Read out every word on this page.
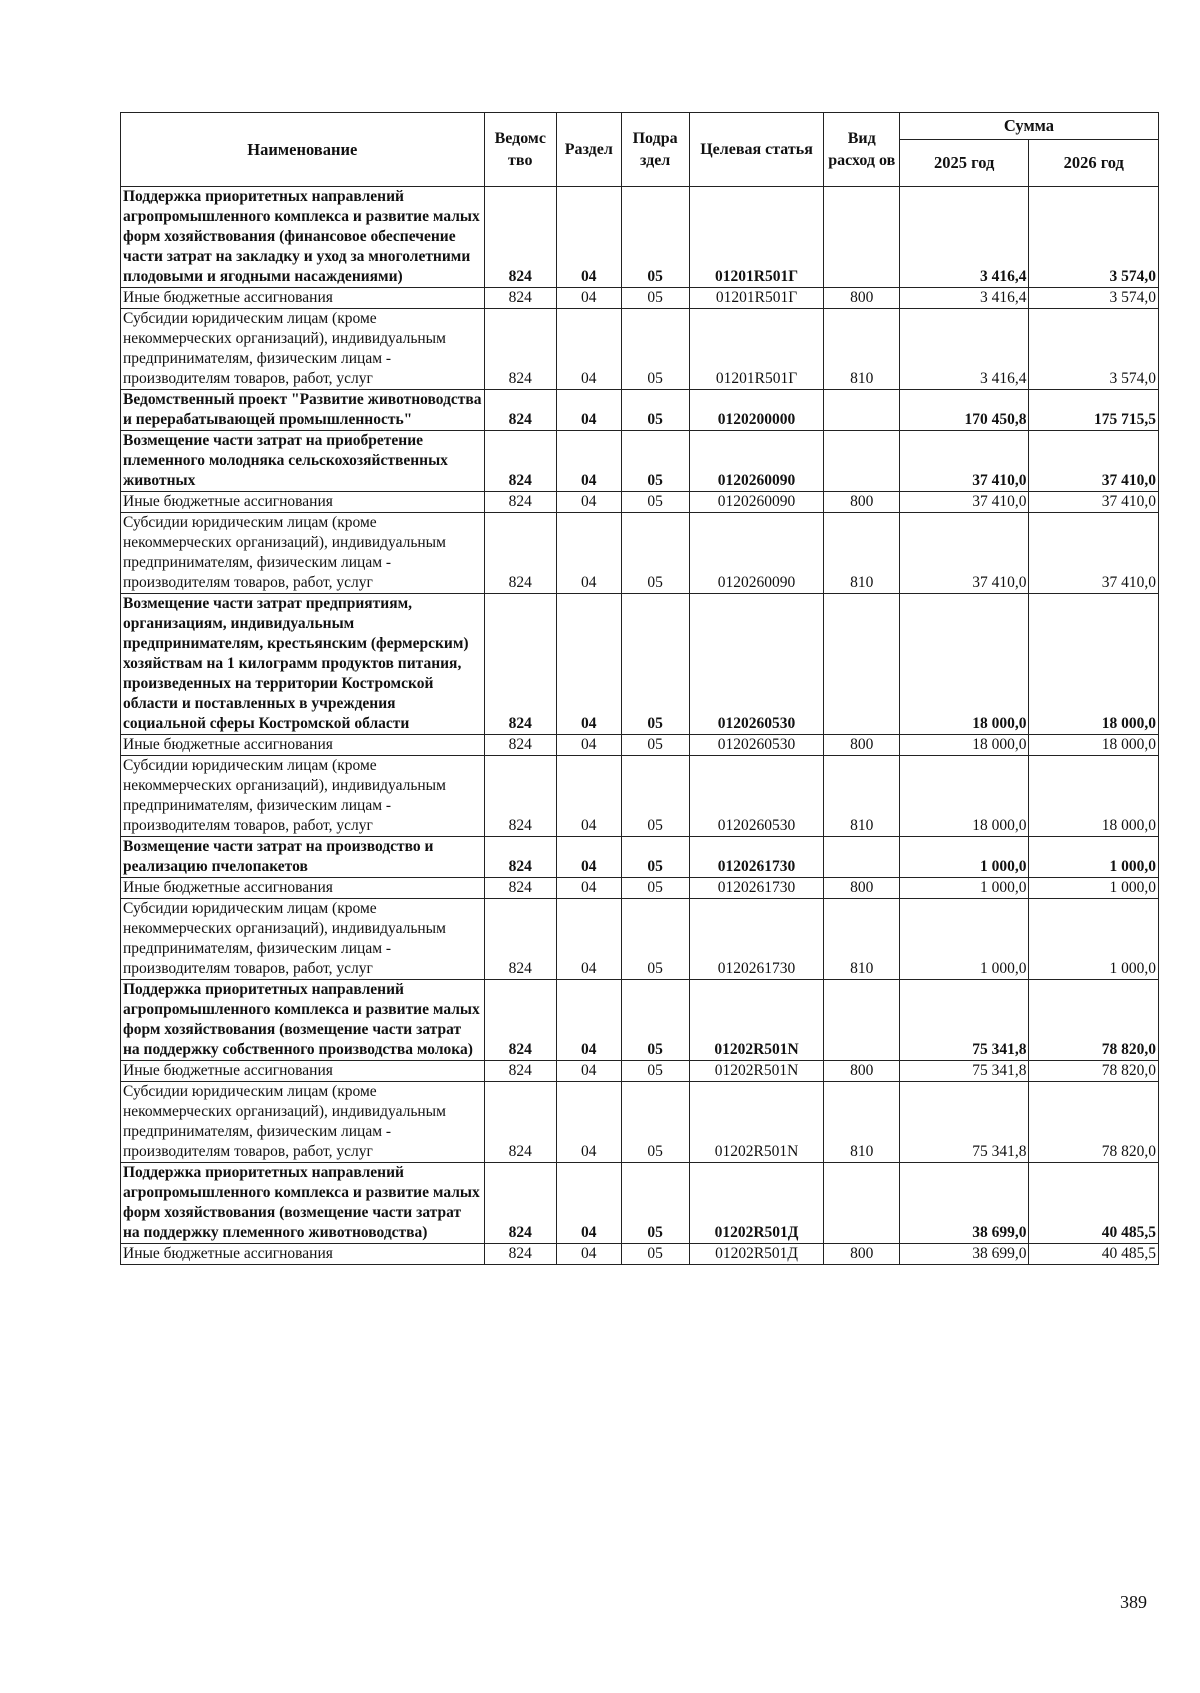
Наименование	Ведомс тво	Раздел	Подра здел	Целевая статья	Вид расход ов	Сумма	
						2025 год	2026 год
Поддержка приоритетных направлений агропромышленного комплекса и развитие малых форм хозяйствования (финансовое обеспечение части затрат на закладку и уход за многолетними плодовыми и ягодными насаждениями)	824	04	05	01201R501Г		3 416,4	3 574,0
Иные бюджетные ассигнования	824	04	05	01201R501Г	800	3 416,4	3 574,0
Субсидии юридическим лицам (кроме некоммерческих организаций), индивидуальным предпринимателям, физическим лицам - производителям товаров, работ, услуг	824	04	05	01201R501Г	810	3 416,4	3 574,0
Ведомственный проект "Развитие животноводства и перерабатывающей промышленность"	824	04	05	0120200000		170 450,8	175 715,5
Возмещение части затрат на приобретение племенного молодняка сельскохозяйственных животных	824	04	05	0120260090		37 410,0	37 410,0
Иные бюджетные ассигнования	824	04	05	0120260090	800	37 410,0	37 410,0
Субсидии юридическим лицам (кроме некоммерческих организаций), индивидуальным предпринимателям, физическим лицам - производителям товаров, работ, услуг	824	04	05	0120260090	810	37 410,0	37 410,0
Возмещение части затрат предприятиям, организациям, индивидуальным предпринимателям, крестьянским (фермерским) хозяйствам на 1 килограмм продуктов питания, произведенных на территории Костромской области и поставленных в учреждения социальной сферы Костромской области	824	04	05	0120260530		18 000,0	18 000,0
Иные бюджетные ассигнования	824	04	05	0120260530	800	18 000,0	18 000,0
Субсидии юридическим лицам (кроме некоммерческих организаций), индивидуальным предпринимателям, физическим лицам - производителям товаров, работ, услуг	824	04	05	0120260530	810	18 000,0	18 000,0
Возмещение части затрат на производство и реализацию пчелопакетов	824	04	05	0120261730		1 000,0	1 000,0
Иные бюджетные ассигнования	824	04	05	0120261730	800	1 000,0	1 000,0
Субсидии юридическим лицам (кроме некоммерческих организаций), индивидуальным предпринимателям, физическим лицам - производителям товаров, работ, услуг	824	04	05	0120261730	810	1 000,0	1 000,0
Поддержка приоритетных направлений агропромышленного комплекса и развитие малых форм хозяйствования (возмещение части затрат на поддержку собственного производства молока)	824	04	05	01202R501N		75 341,8	78 820,0
Иные бюджетные ассигнования	824	04	05	01202R501N	800	75 341,8	78 820,0
Субсидии юридическим лицам (кроме некоммерческих организаций), индивидуальным предпринимателям, физическим лицам - производителям товаров, работ, услуг	824	04	05	01202R501N	810	75 341,8	78 820,0
Поддержка приоритетных направлений агропромышленного комплекса и развитие малых форм хозяйствования (возмещение части затрат на поддержку племенного животноводства)	824	04	05	01202R501Д		38 699,0	40 485,5
Иные бюджетные ассигнования	824	04	05	01202R501Д	800	38 699,0	40 485,5
389
